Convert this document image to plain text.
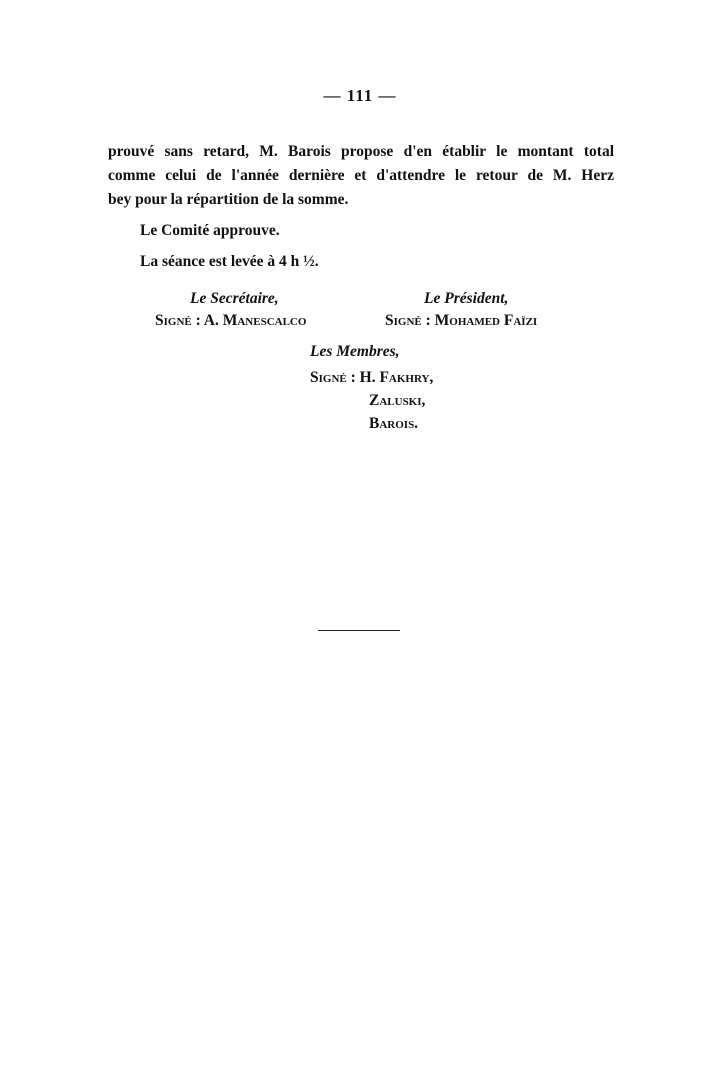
— 111 —
prouvé sans retard, M. Barois propose d'en établir le montant total
comme celui de l'année dernière et d'attendre le retour de M. Herz
bey pour la répartition de la somme.
Le Comité approuve.
La séance est levée à 4 h ½.
Le Secrétaire,
Signé : A. Manescalco
Le Président,
Signé : Mohamed Faïzi
Les Membres,
Signé : H. Fakhry,
Zaluski,
Barois.
